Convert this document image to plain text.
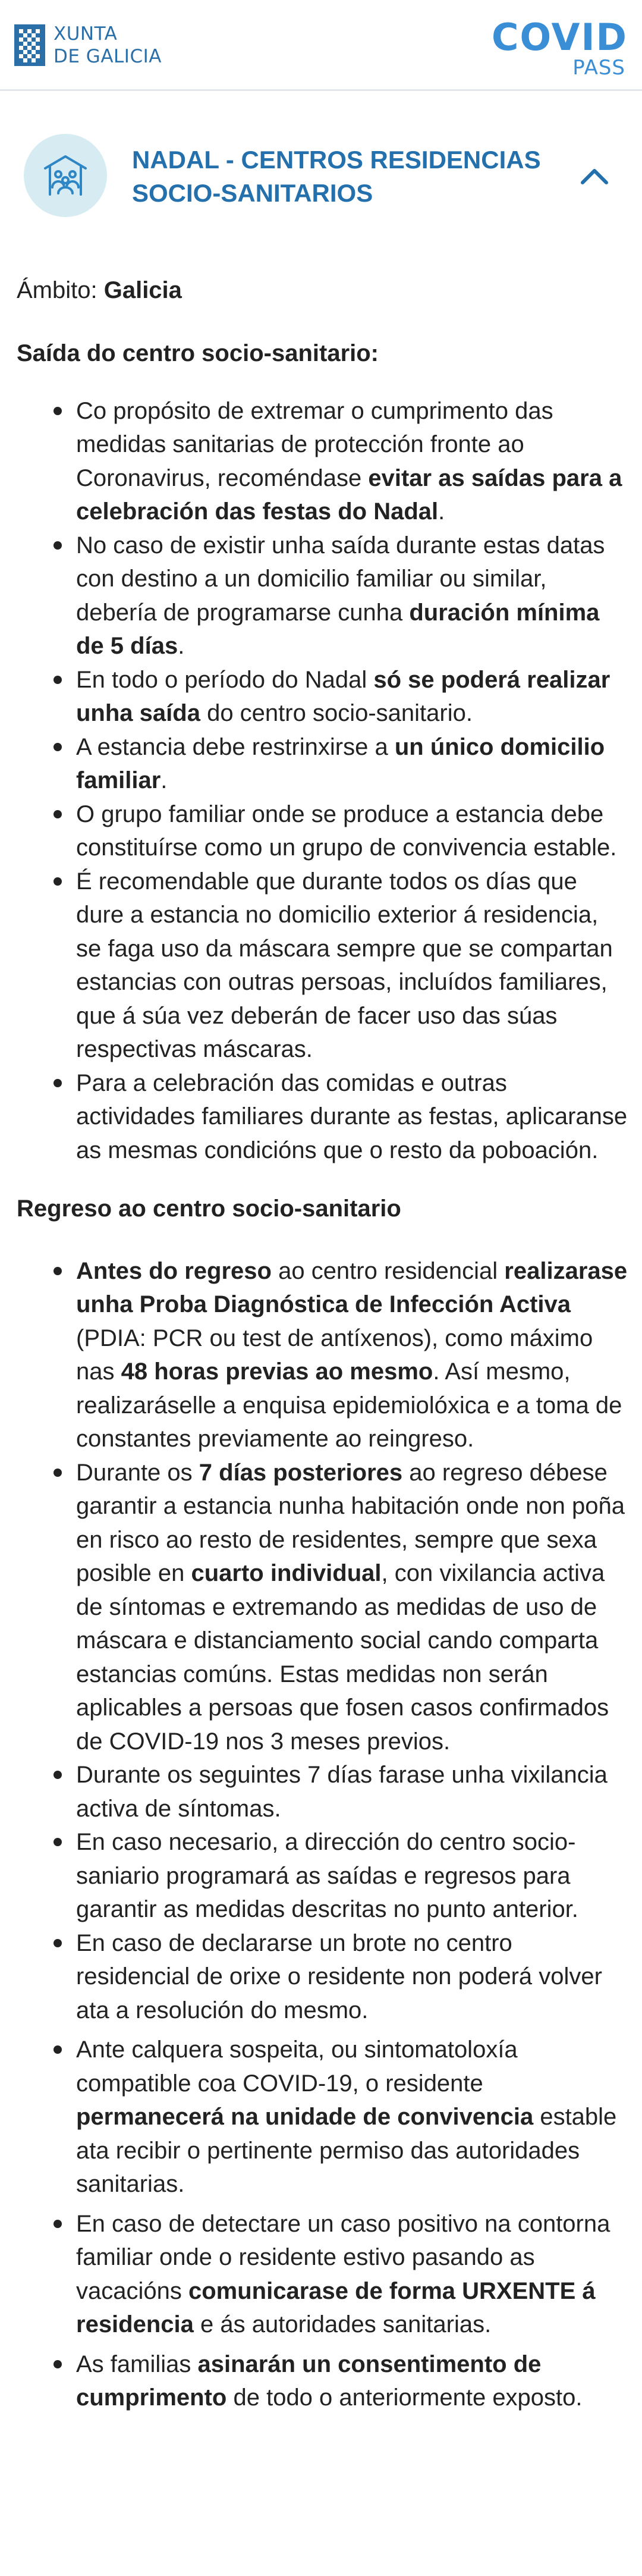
XUNTA
DE GALICIA	COVID
PASS
NADAL - CENTROS RESIDENCIAS
SOCIO-SANITARIOS
Ámbito: Galicia
Saída do centro socio-sanitario:
Co propósito de extremar o cumprimento das medidas sanitarias de protección fronte ao Coronavirus, recoméndase evitar as saídas para a celebración das festas do Nadal.
No caso de existir unha saída durante estas datas con destino a un domicilio familiar ou similar, debería de programarse cunha duración mínima de 5 días.
En todo o período do Nadal só se poderá realizar unha saída do centro socio-sanitario.
A estancia debe restrinxirse a un único domicilio familiar.
O grupo familiar onde se produce a estancia debe constituírse como un grupo de convivencia estable.
É recomendable que durante todos os días que dure a estancia no domicilio exterior á residencia, se faga uso da máscara sempre que se compartan estancias con outras persoas, incluídos familiares, que á súa vez deberán de facer uso das súas respectivas máscaras.
Para a celebración das comidas e outras actividades familiares durante as festas, aplicaranse as mesmas condicións que o resto da poboación.
Regreso ao centro socio-sanitario
Antes do regreso ao centro residencial realizarase unha Proba Diagnóstica de Infección Activa (PDIA: PCR ou test de antíxenos), como máximo nas 48 horas previas ao mesmo. Así mesmo, realizaráselle a enquisa epidemiolóxica e a toma de constantes previamente ao reingreso.
Durante os 7 días posteriores ao regreso débese garantir a estancia nunha habitación onde non poña en risco ao resto de residentes, sempre que sexa posible en cuarto individual, con vixilancia activa de síntomas e extremando as medidas de uso de máscara e distanciamento social cando comparta estancias comúns. Estas medidas non serán aplicables a persoas que fosen casos confirmados de COVID-19 nos 3 meses previos.
Durante os seguintes 7 días farase unha vixilancia activa de síntomas.
En caso necesario, a dirección do centro socio-saniario programará as saídas e regresos para garantir as medidas descritas no punto anterior.
En caso de declararse un brote no centro residencial de orixe o residente non poderá volver ata a resolución do mesmo.
Ante calquera sospeita, ou sintomatoloxía compatible coa COVID-19, o residente permanecerá na unidade de convivencia estable ata recibir o pertinente permiso das autoridades sanitarias.
En caso de detectare un caso positivo na contorna familiar onde o residente estivo pasando as vacacións comunicarase de forma URXENTE á residencia e ás autoridades sanitarias.
As familias asinarán un consentimento de cumprimento de todo o anteriormente exposto.
